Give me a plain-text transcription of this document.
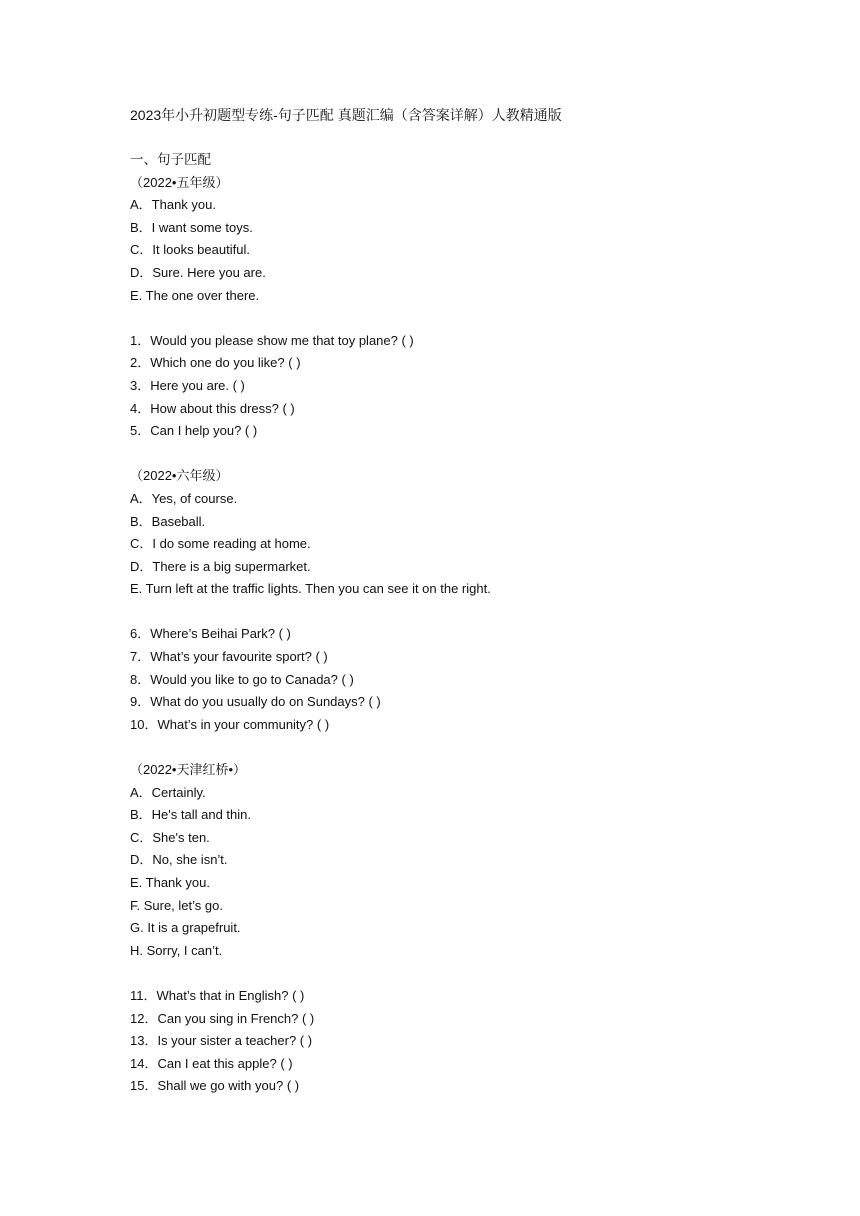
2023年小升初题型专练-句子匹配 真题汇编（含答案详解）人教精通版
一、句子匹配
（2022•五年级）
A．Thank you.
B．I want some toys.
C．It looks beautiful.
D．Sure. Here you are.
E. The one over there.
1．Would you please show me that toy plane? ( )
2．Which one do you like? ( )
3．Here you are. ( )
4．How about this dress? ( )
5．Can I help you? ( )
（2022•六年级）
A．Yes, of course.
B．Baseball.
C．I do some reading at home.
D．There is a big supermarket.
E. Turn left at the traffic lights. Then you can see it on the right.
6．Where’s Beihai Park? ( )
7．What’s your favourite sport? ( )
8．Would you like to go to Canada? ( )
9．What do you usually do on Sundays? ( )
10．What’s in your community? ( )
（2022•天津红桥•）
A．Certainly.
B．He's tall and thin.
C．She's ten.
D．No, she isn’t.
E. Thank you.
F. Sure, let’s go.
G. It is a grapefruit.
H. Sorry, I can’t.
11．What’s that in English? ( )
12．Can you sing in French? ( )
13．Is your sister a teacher? ( )
14．Can I eat this apple? ( )
15．Shall we go with you? ( )
